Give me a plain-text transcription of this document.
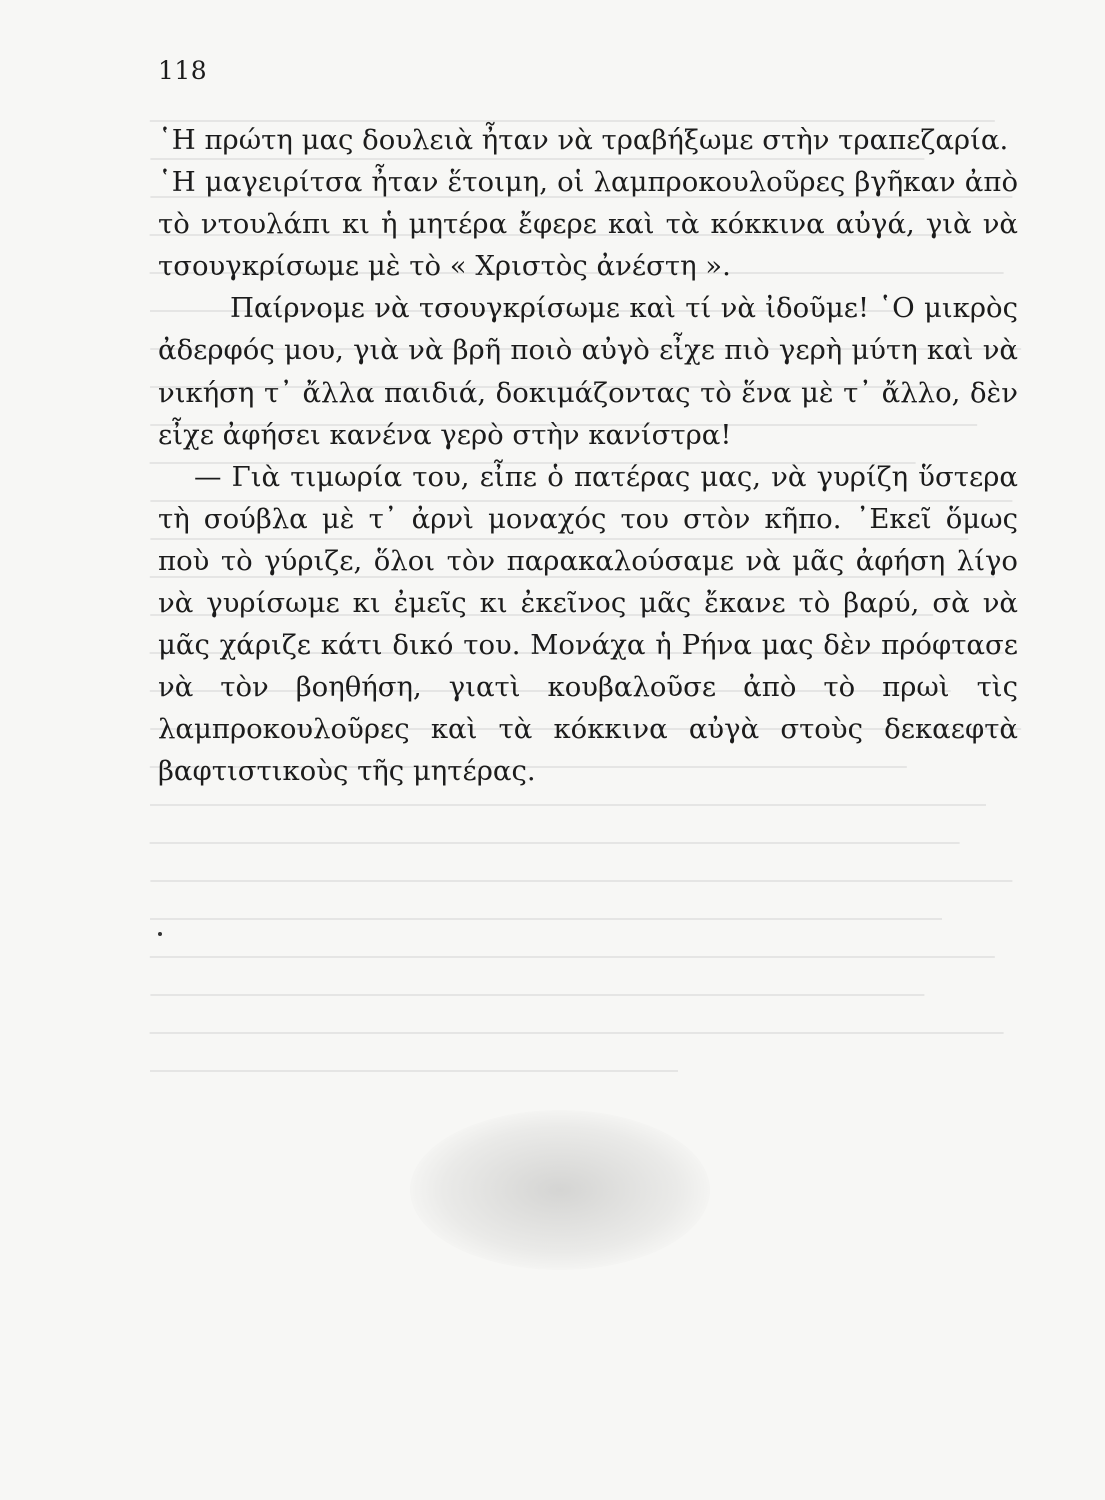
118

῾Η πρώτη μας δουλειὰ ἦταν νὰ τραβήξωμε στὴν τραπεζαρία.

῾Η μαγειρίτσα ἦταν ἕτοιμη, οἱ λαμπροκουλοῦρες βγῆκαν ἀπὸ τὸ ντουλάπι κι ἡ μητέρα ἔφερε καὶ τὰ κόκκινα αὐγά, γιὰ νὰ τσουγκρίσωμε μὲ τὸ « Χριστὸς ἀνέστη ».

Παίρνομε νὰ τσουγκρίσωμε καὶ τί νὰ ἰδοῦμε! ῾Ο μικρὸς ἀδερφός μου, γιὰ νὰ βρῆ ποιὸ αὐγὸ εἶχε πιὸ γερὴ μύτη καὶ νὰ νικήση τ᾽ ἄλλα παιδιά, δοκιμάζοντας τὸ ἕνα μὲ τ᾽ ἄλλο, δὲν εἶχε ἀφήσει κανένα γερὸ στὴν κανίστρα!

— Γιὰ τιμωρία του, εἶπε ὁ πατέρας μας, νὰ γυρίζη ὕστερα τὴ σούβλα μὲ τ᾽ ἀρνὶ μοναχός του στὸν κῆπο. ᾽Εκεῖ ὅμως ποὺ τὸ γύριζε, ὅλοι τὸν παρακαλούσαμε νὰ μᾶς ἀφήση λίγο νὰ γυρίσωμε κι ἐμεῖς κι ἐκεῖνος μᾶς ἔκανε τὸ βαρύ, σὰ νὰ μᾶς χάριζε κάτι δικό του. Μονάχα ἡ Ρήνα μας δὲν πρόφτασε νὰ τὸν βοηθήση, γιατὶ κουβαλοῦσε ἀπὸ τὸ πρωὶ τὶς λαμπροκουλοῦρες καὶ τὰ κόκκινα αὐγὰ στοὺς δεκαεφτὰ βαφτιστικοὺς τῆς μητέρας.
